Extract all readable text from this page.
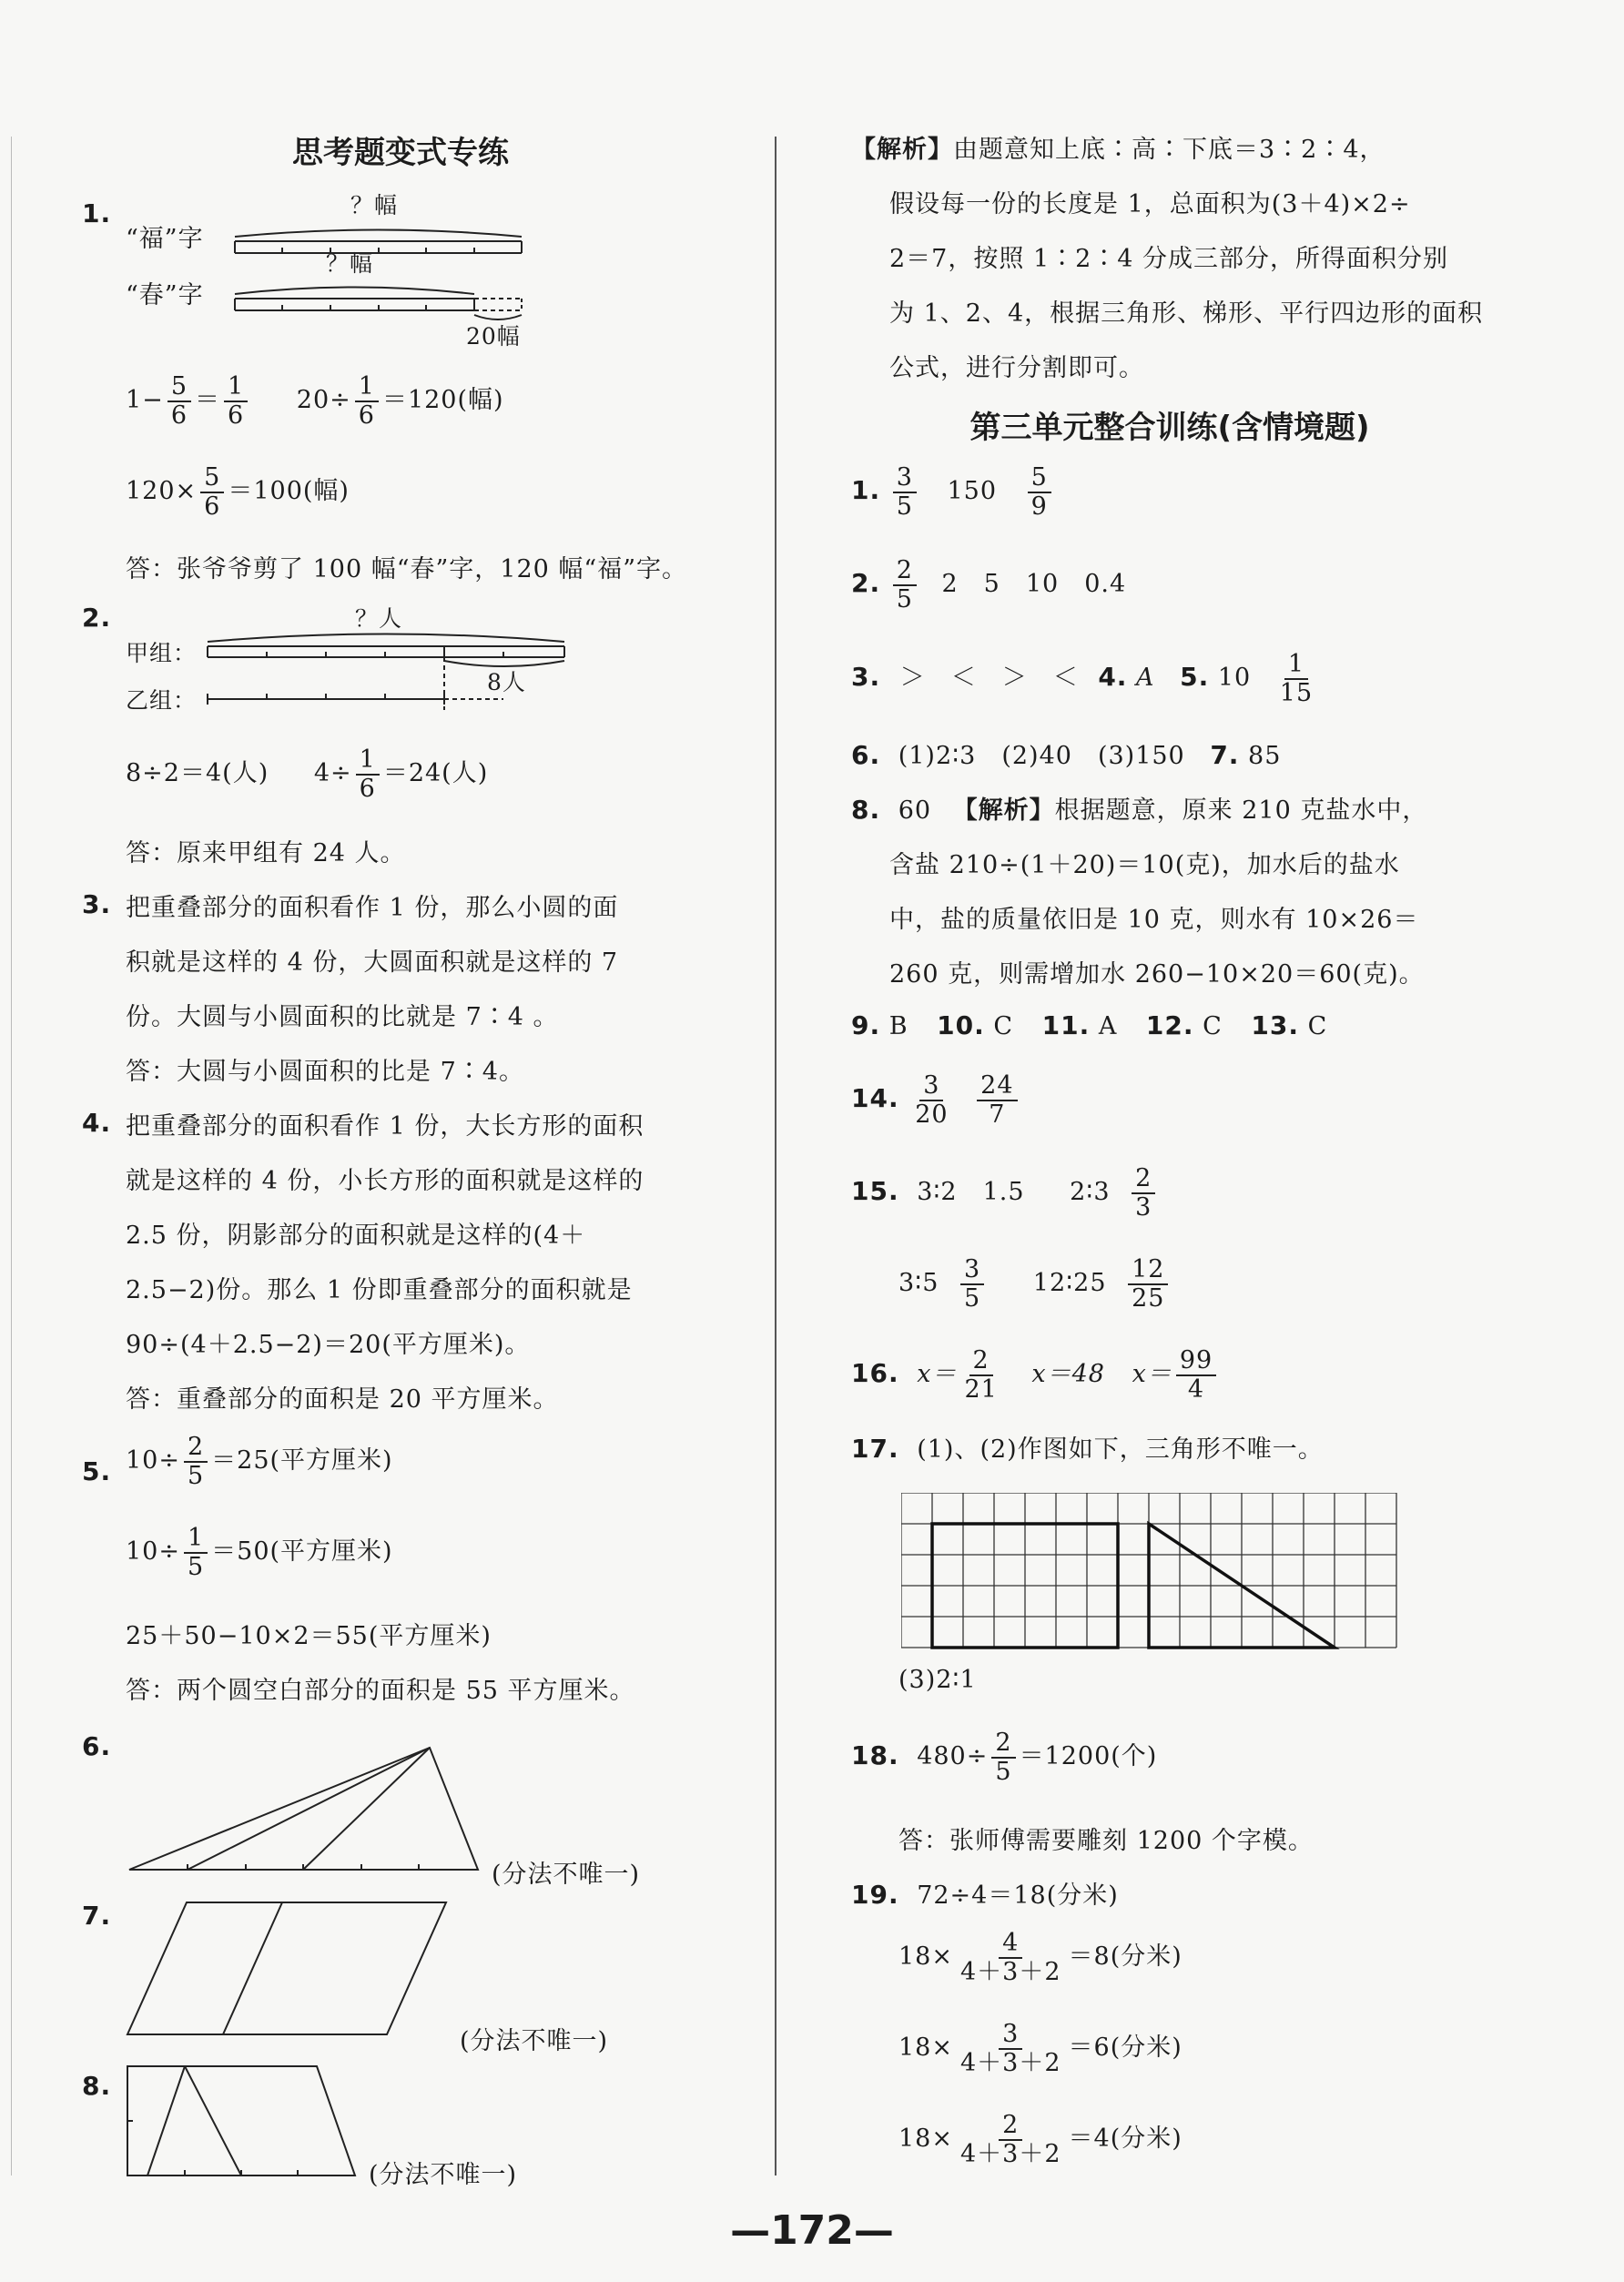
思考题变式专练
1.
“福”字
“春”字
？幅
？幅
20幅
$1- \frac{5}{6} = \frac{1}{6} 20\div \frac{1}{6} =120$(幅)
$120\times \frac{5}{6} =100$(幅)
答：张爷爷剪了 100 幅“春”字，120 幅“福”字。
2.	？人
甲组：
乙组：
8人
8÷2＝4(人) $4\div \frac{1}{6} =24$(人)
答：原来甲组有 24 人。
3. 把重叠部分的面积看作 1 份，那么小圆的面
积就是这样的 4 份，大圆面积就是这样的 7
份。大圆与小圆面积的比就是 7∶4 。
答：大圆与小圆面积的比是 7∶4。
4. 把重叠部分的面积看作 1 份，大长方形的面积
就是这样的 4 份，小长方形的面积就是这样的
2.5 份，阴影部分的面积就是这样的(4＋
2.5−2)份。那么 1 份即重叠部分的面积就是
90÷(4＋2.5−2)＝20(平方厘米)。
答：重叠部分的面积是 20 平方厘米。
5. $10\div \frac{2}{5} =25$(平方厘米)
$10\div \frac{1}{5} =50$(平方厘米)
25＋50−10×2＝55(平方厘米)
答：两个圆空白部分的面积是 55 平方厘米。
6.
(分法不唯一)
7.
(分法不唯一)
8.
(分法不唯一)
【解析】由题意知上底∶高∶下底＝3∶2∶4，
假设每一份的长度是 1，总面积为(3＋4)×2÷
2＝7，按照 1∶2∶4 分成三部分，所得面积分别
为 1、2、4，根据三角形、梯形、平行四边形的面积
公式，进行分割即可。
第三单元整合训练(含情境题)
1. $\frac{3}{5} 150 \frac{5}{9}$
2. $\frac{2}{5} 2$　5　10　0.4
3. ＞　＜　＞　＜ 4. A 5. $10 \frac{1}{15}$
6. (1)2∶3　(2)40　(3)150 7. 85
8. 60 【解析】根据题意，原来 210 克盐水中，
含盐 210÷(1＋20)＝10(克)，加水后的盐水
中，盐的质量依旧是 10 克，则水有 10×26＝
260 克，则需增加水 260−10×20＝60(克)。
9. B 10. C 11. A 12. C 13. C
14. $\frac{3}{20}$
$\frac{24}{7}$
15. 3∶2　1.5 2∶3 $\frac{2}{3}$
3∶5 $\frac{3}{5}$ 12∶25 $\frac{12}{25}$
16. $x= \frac{2}{21} x=48$ $x= \frac{99}{4}$
17. (1)、(2)作图如下，三角形不唯一。
(3)2∶1
18. $480\div \frac{2}{5} =1200$(个)
答：张师傅需要雕刻 1200 个字模。
19. 72÷4＝18(分米)
$18\times \frac{4}{4+3+2} =8$(分米)
$18\times \frac{3}{4+3+2} =6$(分米)
$18\times \frac{2}{4+3+2} =4$(分米)
—172—
